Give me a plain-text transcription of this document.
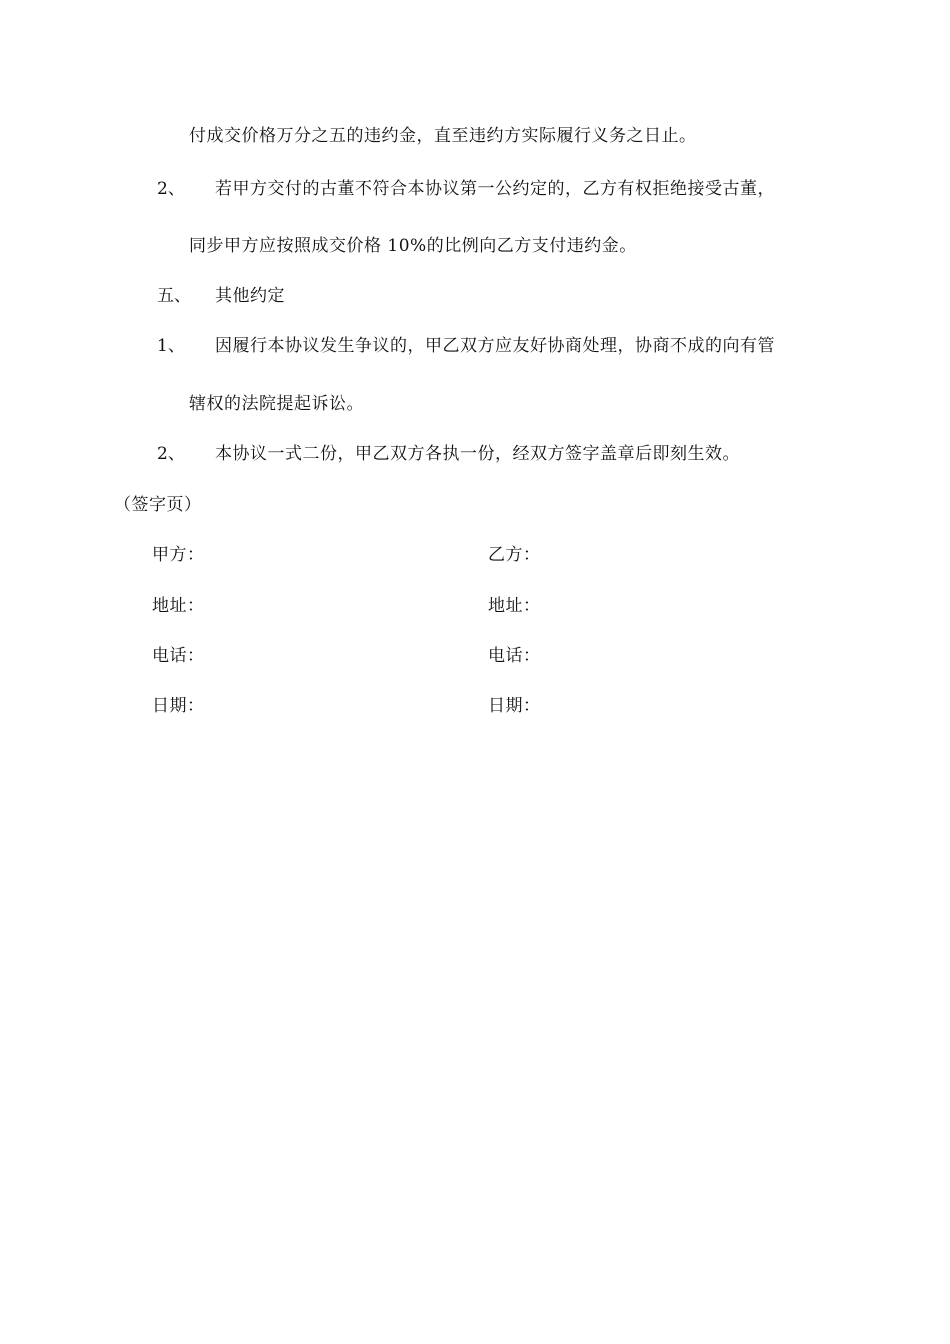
付成交价格万分之五的违约金，直至违约方实际履行义务之日止。
2、 若甲方交付的古董不符合本协议第一公约定的，乙方有权拒绝接受古董，
同步甲方应按照成交价格 10%的比例向乙方支付违约金。
五、 其他约定
1、 因履行本协议发生争议的，甲乙双方应友好协商处理，协商不成的向有管
辖权的法院提起诉讼。
2、 本协议一式二份，甲乙双方各执一份，经双方签字盖章后即刻生效。
（签字页）
甲方：	乙方：
地址：	地址：
电话：	电话：
日期：	日期：
